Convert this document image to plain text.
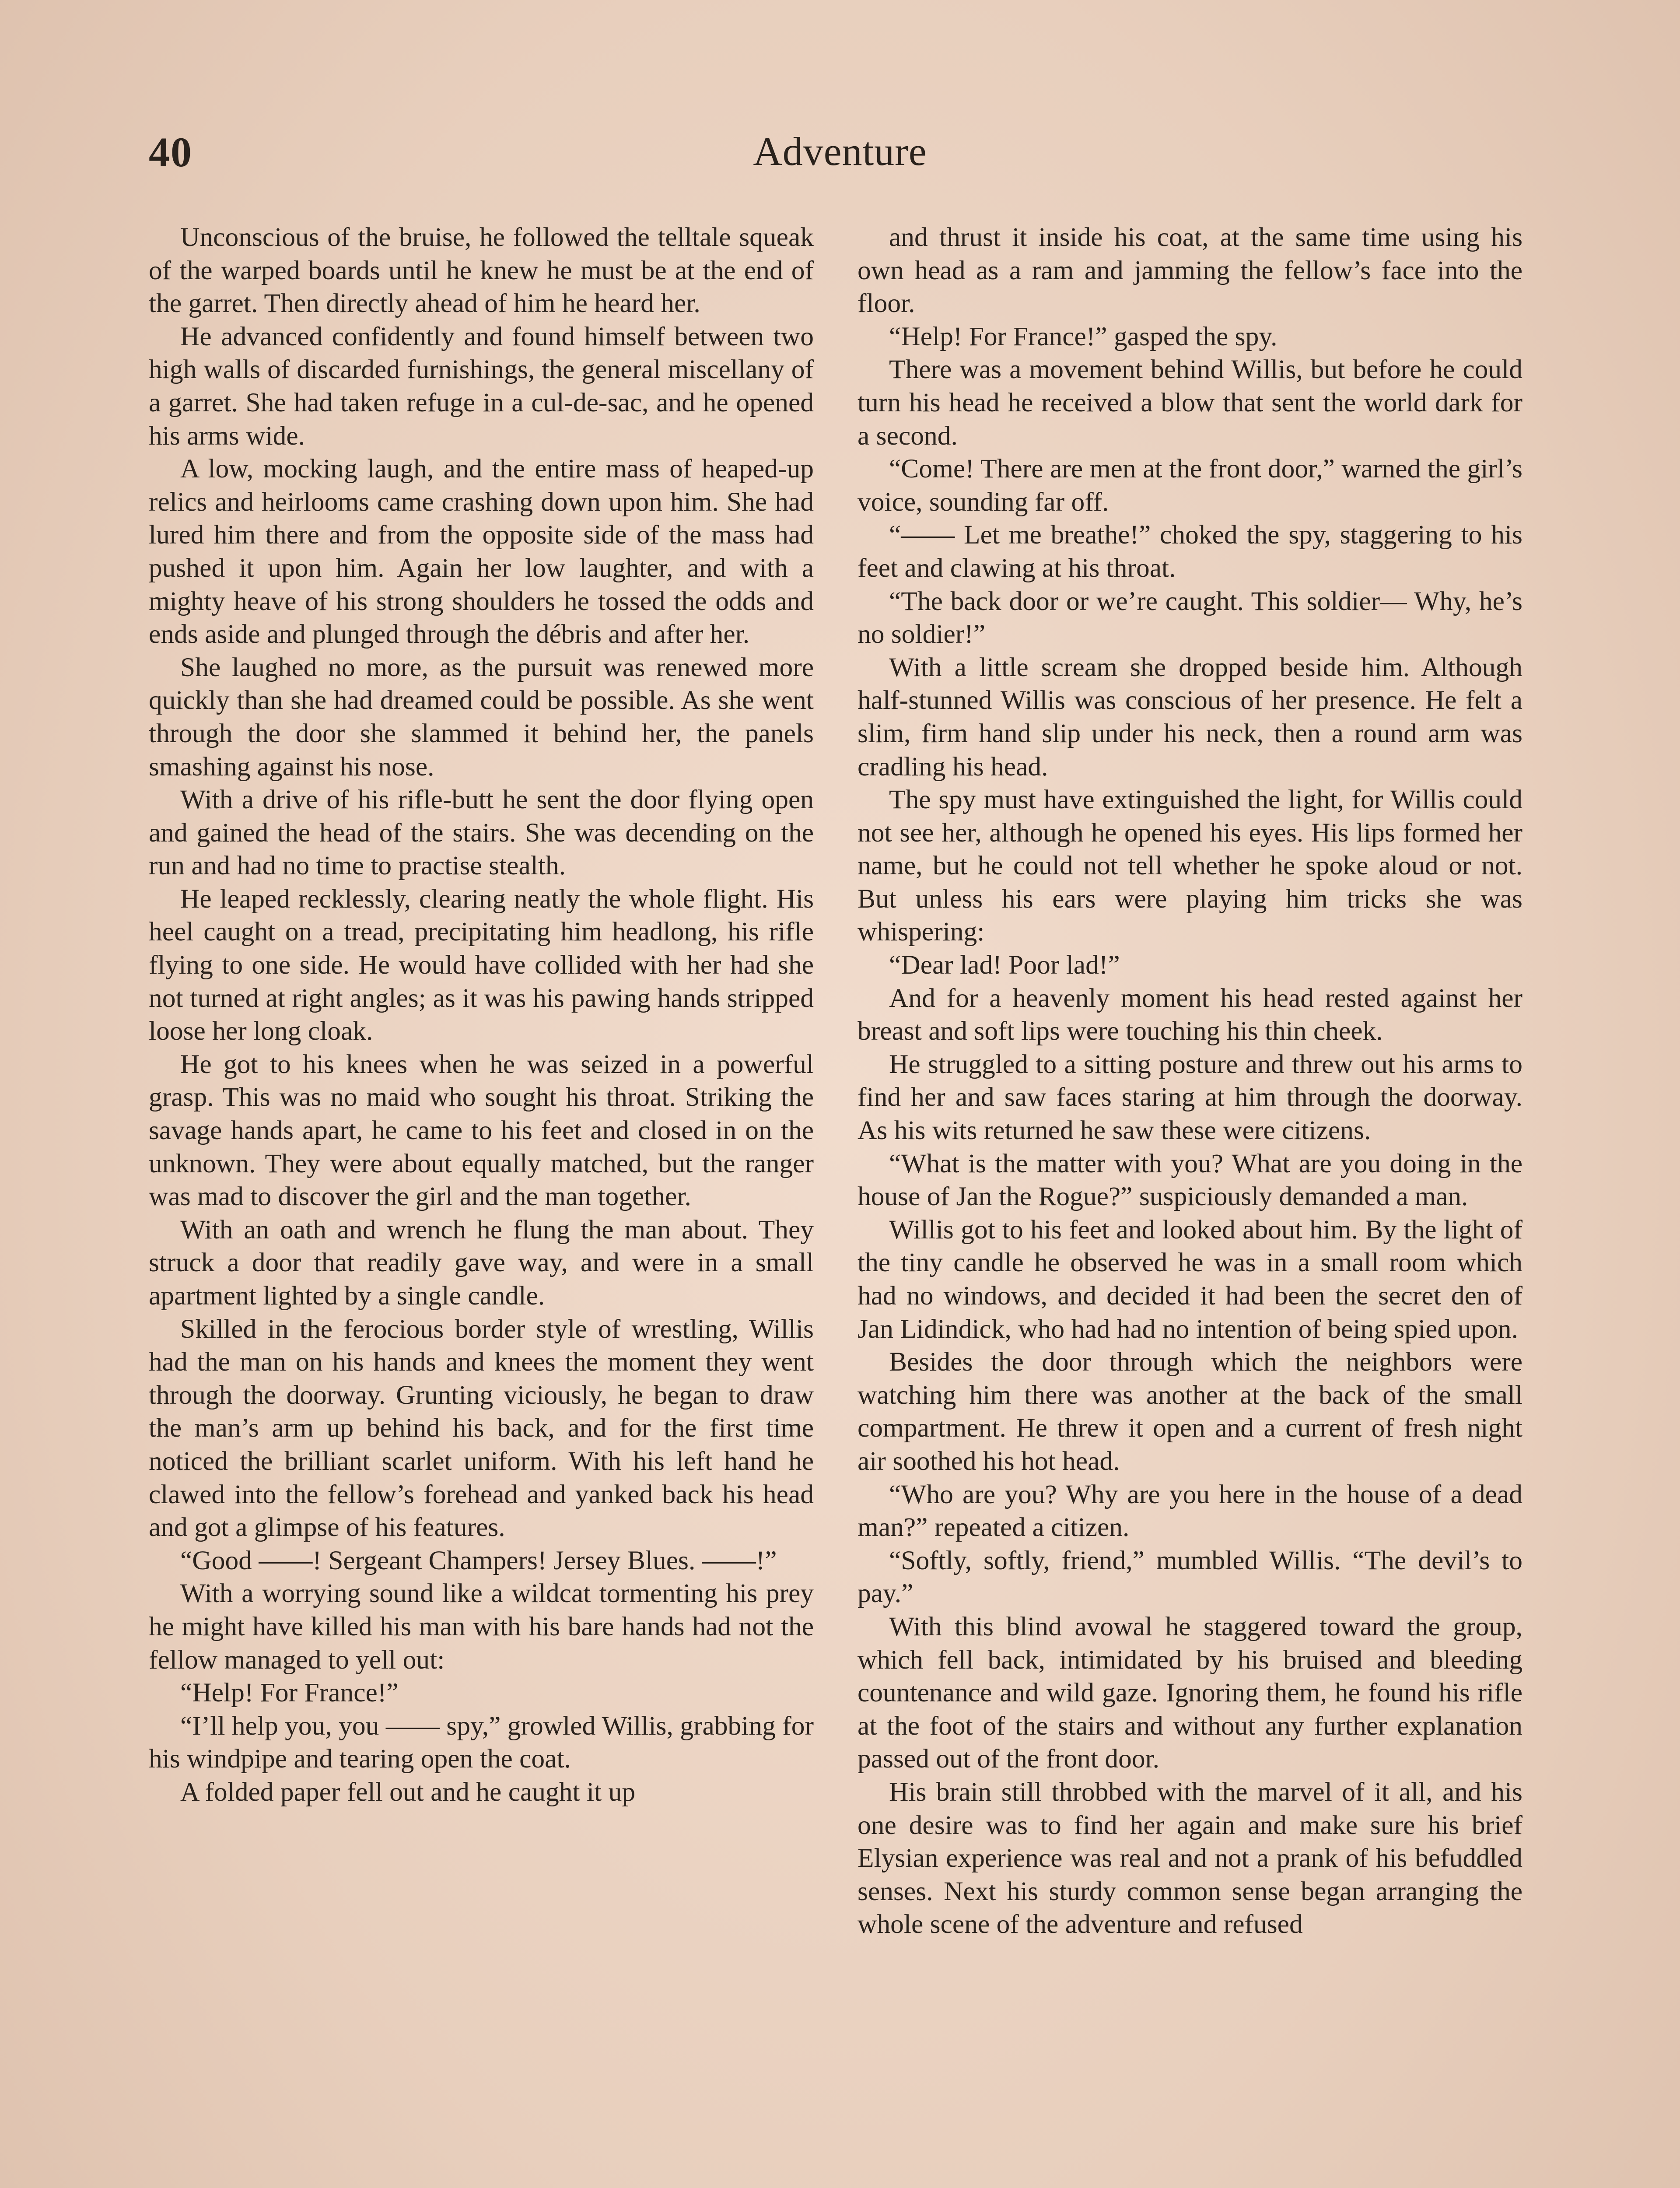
40	Adventure

Unconscious of the bruise, he followed the telltale squeak of the warped boards until he knew he must be at the end of the garret. Then directly ahead of him he heard her.

He advanced confidently and found himself between two high walls of discarded furnishings, the general miscellany of a garret. She had taken refuge in a cul-de-sac, and he opened his arms wide.

A low, mocking laugh, and the entire mass of heaped-up relics and heirlooms came crashing down upon him. She had lured him there and from the opposite side of the mass had pushed it upon him. Again her low laughter, and with a mighty heave of his strong shoulders he tossed the odds and ends aside and plunged through the débris and after her.

She laughed no more, as the pursuit was renewed more quickly than she had dreamed could be possible. As she went through the door she slammed it behind her, the panels smashing against his nose.

With a drive of his rifle-butt he sent the door flying open and gained the head of the stairs. She was decending on the run and had no time to practise stealth.

He leaped recklessly, clearing neatly the whole flight. His heel caught on a tread, precipitating him headlong, his rifle flying to one side. He would have collided with her had she not turned at right angles; as it was his pawing hands stripped loose her long cloak.

He got to his knees when he was seized in a powerful grasp. This was no maid who sought his throat. Striking the savage hands apart, he came to his feet and closed in on the unknown. They were about equally matched, but the ranger was mad to discover the girl and the man together.

With an oath and wrench he flung the man about. They struck a door that readily gave way, and were in a small apartment lighted by a single candle.

Skilled in the ferocious border style of wrestling, Willis had the man on his hands and knees the moment they went through the doorway. Grunting viciously, he began to draw the man’s arm up behind his back, and for the first time noticed the brilliant scarlet uniform. With his left hand he clawed into the fellow’s forehead and yanked back his head and got a glimpse of his features.

“Good ——! Sergeant Champers! Jersey Blues. ——!”

With a worrying sound like a wildcat tormenting his prey he might have killed his man with his bare hands had not the fellow managed to yell out:

“Help! For France!”

“I’ll help you, you —— spy,” growled Willis, grabbing for his windpipe and tearing open the coat.

A folded paper fell out and he caught it up

and thrust it inside his coat, at the same time using his own head as a ram and jamming the fellow’s face into the floor.

“Help! For France!” gasped the spy.

There was a movement behind Willis, but before he could turn his head he received a blow that sent the world dark for a second.

“Come! There are men at the front door,” warned the girl’s voice, sounding far off.

“—— Let me breathe!” choked the spy, staggering to his feet and clawing at his throat.

“The back door or we’re caught. This soldier— Why, he’s no soldier!”

With a little scream she dropped beside him. Although half-stunned Willis was conscious of her presence. He felt a slim, firm hand slip under his neck, then a round arm was cradling his head.

The spy must have extinguished the light, for Willis could not see her, although he opened his eyes. His lips formed her name, but he could not tell whether he spoke aloud or not. But unless his ears were playing him tricks she was whispering:

“Dear lad! Poor lad!”

And for a heavenly moment his head rested against her breast and soft lips were touching his thin cheek.

He struggled to a sitting posture and threw out his arms to find her and saw faces staring at him through the doorway. As his wits returned he saw these were citizens.

“What is the matter with you? What are you doing in the house of Jan the Rogue?” suspiciously demanded a man.

Willis got to his feet and looked about him. By the light of the tiny candle he observed he was in a small room which had no windows, and decided it had been the secret den of Jan Lidindick, who had had no intention of being spied upon.

Besides the door through which the neighbors were watching him there was another at the back of the small compartment. He threw it open and a current of fresh night air soothed his hot head.

“Who are you? Why are you here in the house of a dead man?” repeated a citizen.

“Softly, softly, friend,” mumbled Willis. “The devil’s to pay.”

With this blind avowal he staggered toward the group, which fell back, intimidated by his bruised and bleeding countenance and wild gaze. Ignoring them, he found his rifle at the foot of the stairs and without any further explanation passed out of the front door.

His brain still throbbed with the marvel of it all, and his one desire was to find her again and make sure his brief Elysian experience was real and not a prank of his befuddled senses. Next his sturdy common sense began arranging the whole scene of the adventure and refused
